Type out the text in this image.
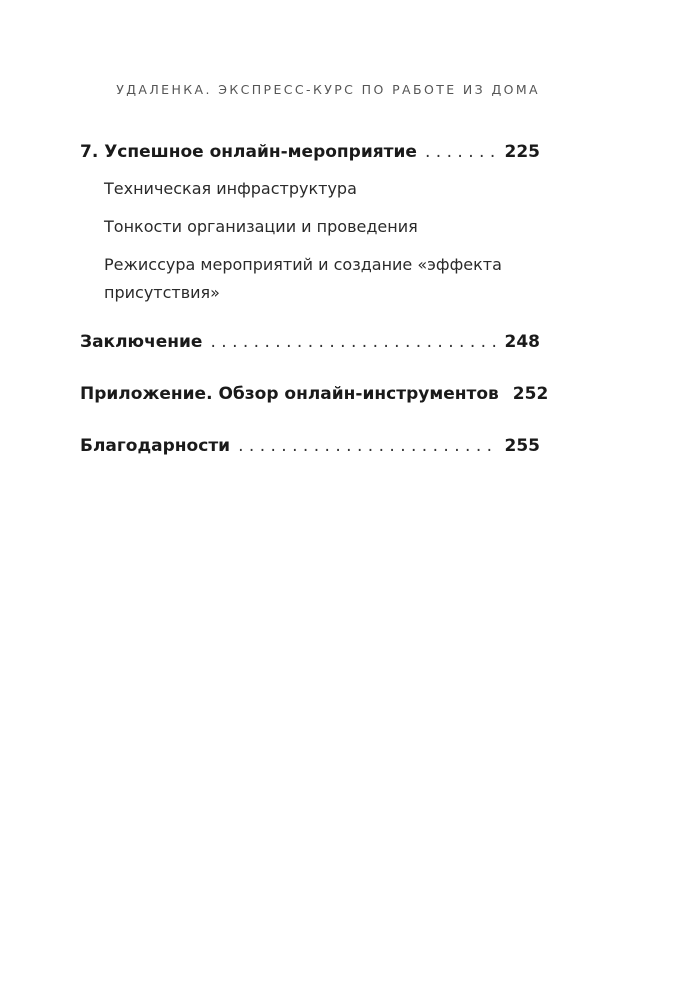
УДАЛЕНКА. ЭКСПРЕСС-КУРС ПО РАБОТЕ ИЗ ДОМА
7. Успешное онлайн-мероприятие . . .	225
Техническая инфраструктура
Тонкости организации и проведения
Режиссура мероприятий и создание «эффекта присутствия»
Заключение . . .	248
Приложение. Обзор онлайн-инструментов 252
Благодарности . . .	255
